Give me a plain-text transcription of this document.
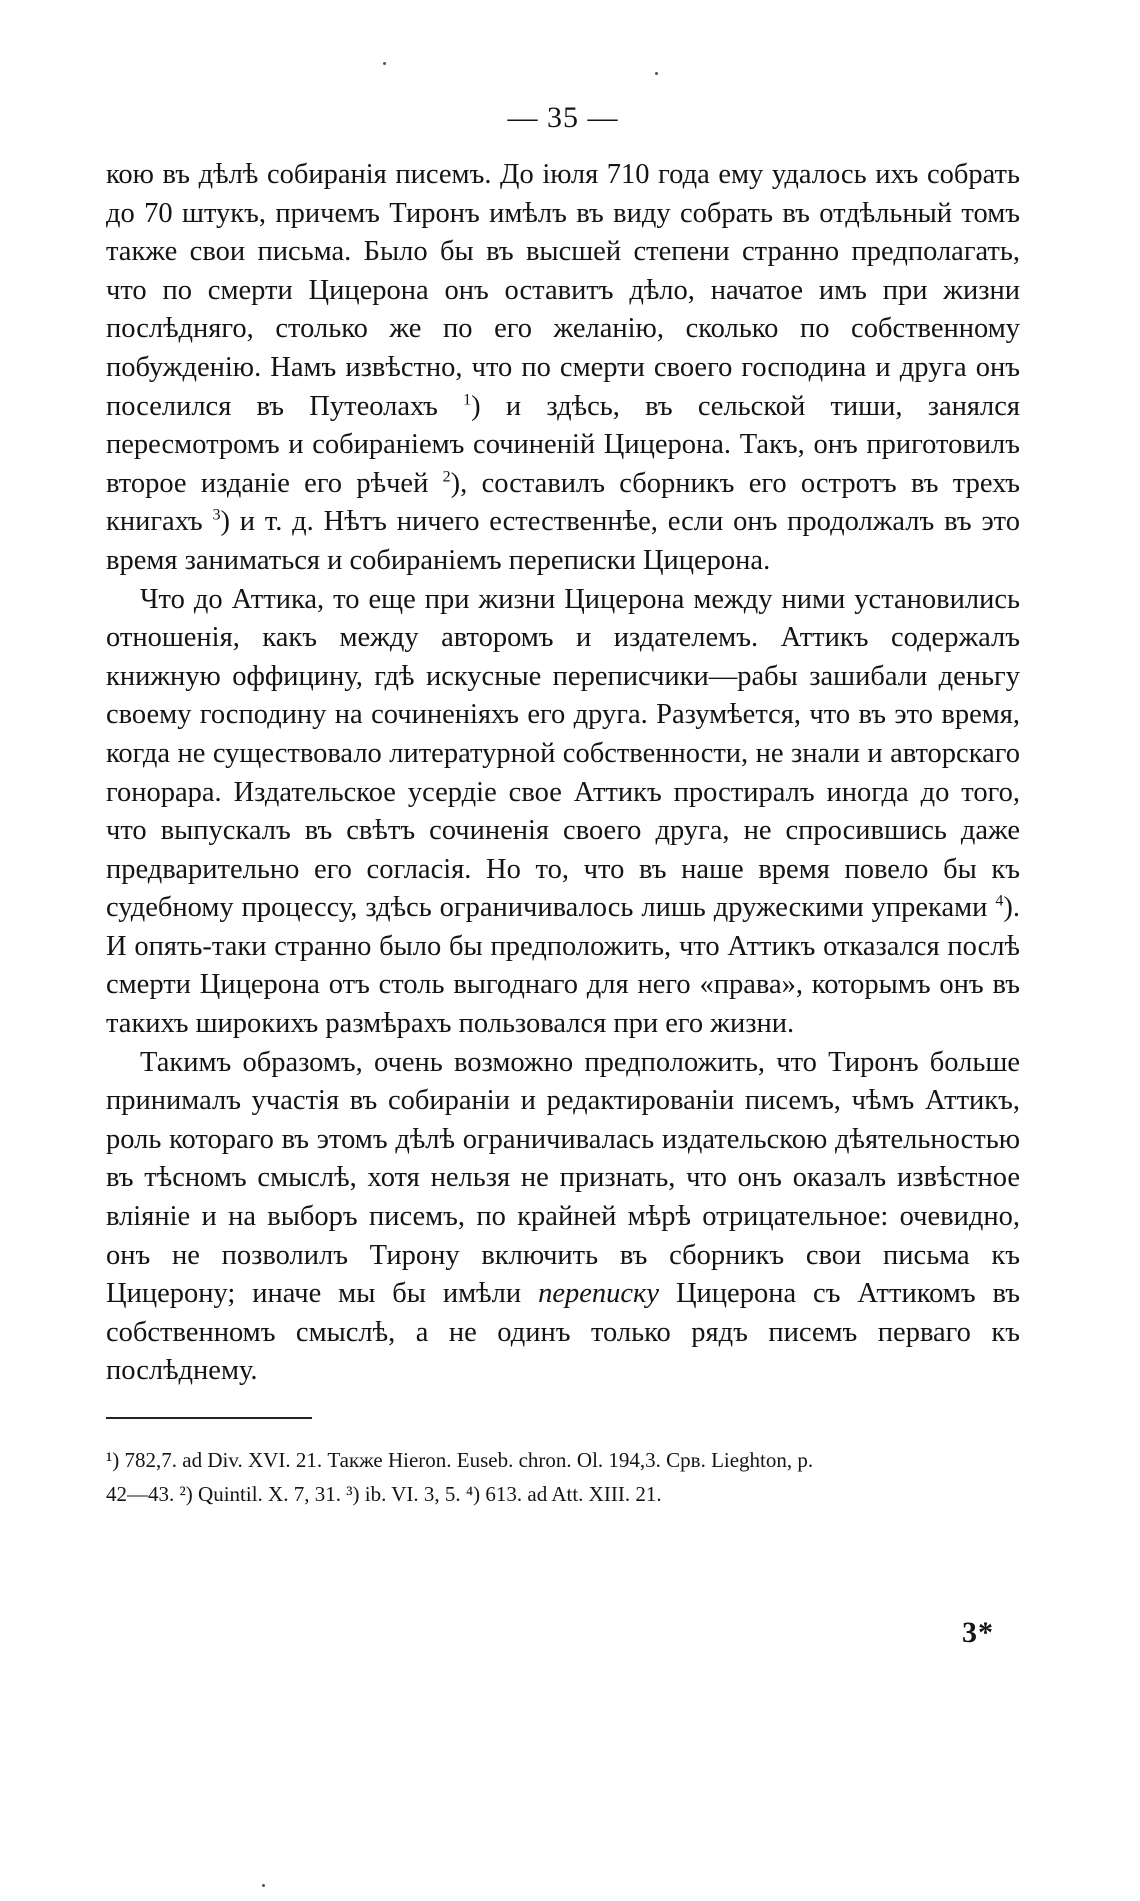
— 35 —

кою въ дѣлѣ собиранія писемъ. До іюля 710 года ему удалось ихъ собрать до 70 штукъ, причемъ Тиронъ имѣлъ въ виду собрать въ отдѣльный томъ также свои письма. Было бы въ высшей степени странно предполагать, что по смерти Цицерона онъ оставитъ дѣло, начатое имъ при жизни послѣдняго, столько же по его желанію, сколько по собственному побужденію. Намъ извѣстно, что по смерти своего господина и друга онъ поселился въ Путеолахъ $^1$) и здѣсь, въ сельской тиши, занялся пересмотромъ и собираніемъ сочиненій Цицерона. Такъ, онъ приготовилъ второе изданіе его рѣчей $^2$), составилъ сборникъ его остротъ въ трехъ книгахъ $^3$) и т. д. Нѣтъ ничего естественнѣе, если онъ продолжалъ въ это время заниматься и собираніемъ переписки Цицерона.

Что до Аттика, то еще при жизни Цицерона между ними установились отношенія, какъ между авторомъ и издателемъ. Аттикъ содержалъ книжную оффицину, гдѣ искусные переписчики—рабы зашибали деньгу своему господину на сочиненіяхъ его друга. Разумѣется, что въ это время, когда не существовало литературной собственности, не знали и авторскаго гонорара. Издательское усердіе свое Аттикъ простиралъ иногда до того, что выпускалъ въ свѣтъ сочиненія своего друга, не спросившись даже предварительно его согласія. Но то, что въ наше время повело бы къ судебному процессу, здѣсь ограничивалось лишь дружескими упреками $^4$). И опять-таки странно было бы предположить, что Аттикъ отказался послѣ смерти Цицерона отъ столь выгоднаго для него «права», которымъ онъ въ такихъ широкихъ размѣрахъ пользовался при его жизни.

Такимъ образомъ, очень возможно предположить, что Тиронъ больше принималъ участія въ собираніи и редактированіи писемъ, чѣмъ Аттикъ, роль котораго въ этомъ дѣлѣ ограничивалась издательскою дѣятельностью въ тѣсномъ смыслѣ, хотя нельзя не признать, что онъ оказалъ извѣстное вліяніе и на выборъ писемъ, по крайней мѣрѣ отрицательное: очевидно, онъ не позволилъ Тирону включить въ сборникъ свои письма къ Цицерону; иначе мы бы имѣли переписку Цицерона съ Аттикомъ въ собственномъ смыслѣ, а не одинъ только рядъ писемъ перваго къ послѣднему.

¹) 782,7. ad Div. XVI. 21. Также Hieron. Euseb. chron. Ol. 194,3. Срв. Lieghton, p.
42—43. ²) Quintil. X. 7, 31. ³) ib. VI. 3, 5. ⁴) 613. ad Att. XIII. 21.

3*
